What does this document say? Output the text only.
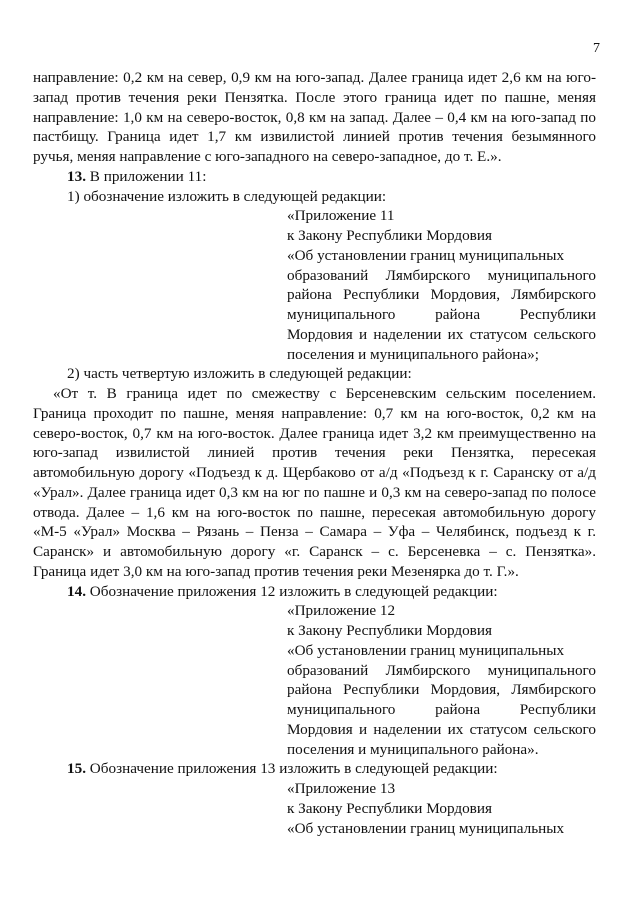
7
направление: 0,2 км на север, 0,9 км на юго-запад. Далее граница идет 2,6 км на юго-
запад против течения реки Пензятка. После этого граница идет по пашне, меняя
направление: 1,0 км на северо-восток, 0,8 км на запад. Далее – 0,4 км на юго-запад по
пастбищу. Граница идет 1,7 км извилистой линией против течения безымянного
ручья, меняя направление с юго-западного на северо-западное, до т. Е.».
13. В приложении 11:
1) обозначение изложить в следующей редакции:
«Приложение 11
к Закону Республики Мордовия
«Об установлении границ муниципальных
образований Лямбирского муниципального
района Республики Мордовия, Лямбирского
муниципального района Республики
Мордовия и наделении их статусом сельского
поселения и муниципального района»;
2) часть четвертую изложить в следующей редакции:
«От т. В граница идет по смежеству с Берсеневским сельским поселением.
Граница проходит по пашне, меняя направление: 0,7 км на юго-восток, 0,2 км на
северо-восток, 0,7 км на юго-восток. Далее граница идет 3,2 км преимущественно на
юго-запад извилистой линией против течения реки Пензятка, пересекая
автомобильную дорогу «Подъезд к д. Щербаково от а/д «Подъезд к г. Саранску от а/д
«Урал». Далее граница идет 0,3 км на юг по пашне и 0,3 км на северо-запад по полосе
отвода. Далее – 1,6 км на юго-восток по пашне, пересекая автомобильную дорогу
«М-5 «Урал» Москва – Рязань – Пенза – Самара – Уфа – Челябинск, подъезд к г.
Саранск» и автомобильную дорогу «г. Саранск – с. Берсеневка – с. Пензятка».
Граница идет 3,0 км на юго-запад против течения реки Мезенярка до т. Г.».
14. Обозначение приложения 12 изложить в следующей редакции:
«Приложение 12
к Закону Республики Мордовия
«Об установлении границ муниципальных
образований Лямбирского муниципального
района Республики Мордовия, Лямбирского
муниципального района Республики
Мордовия и наделении их статусом сельского
поселения и муниципального района».
15. Обозначение приложения 13 изложить в следующей редакции:
«Приложение 13
к Закону Республики Мордовия
«Об установлении границ муниципальных
